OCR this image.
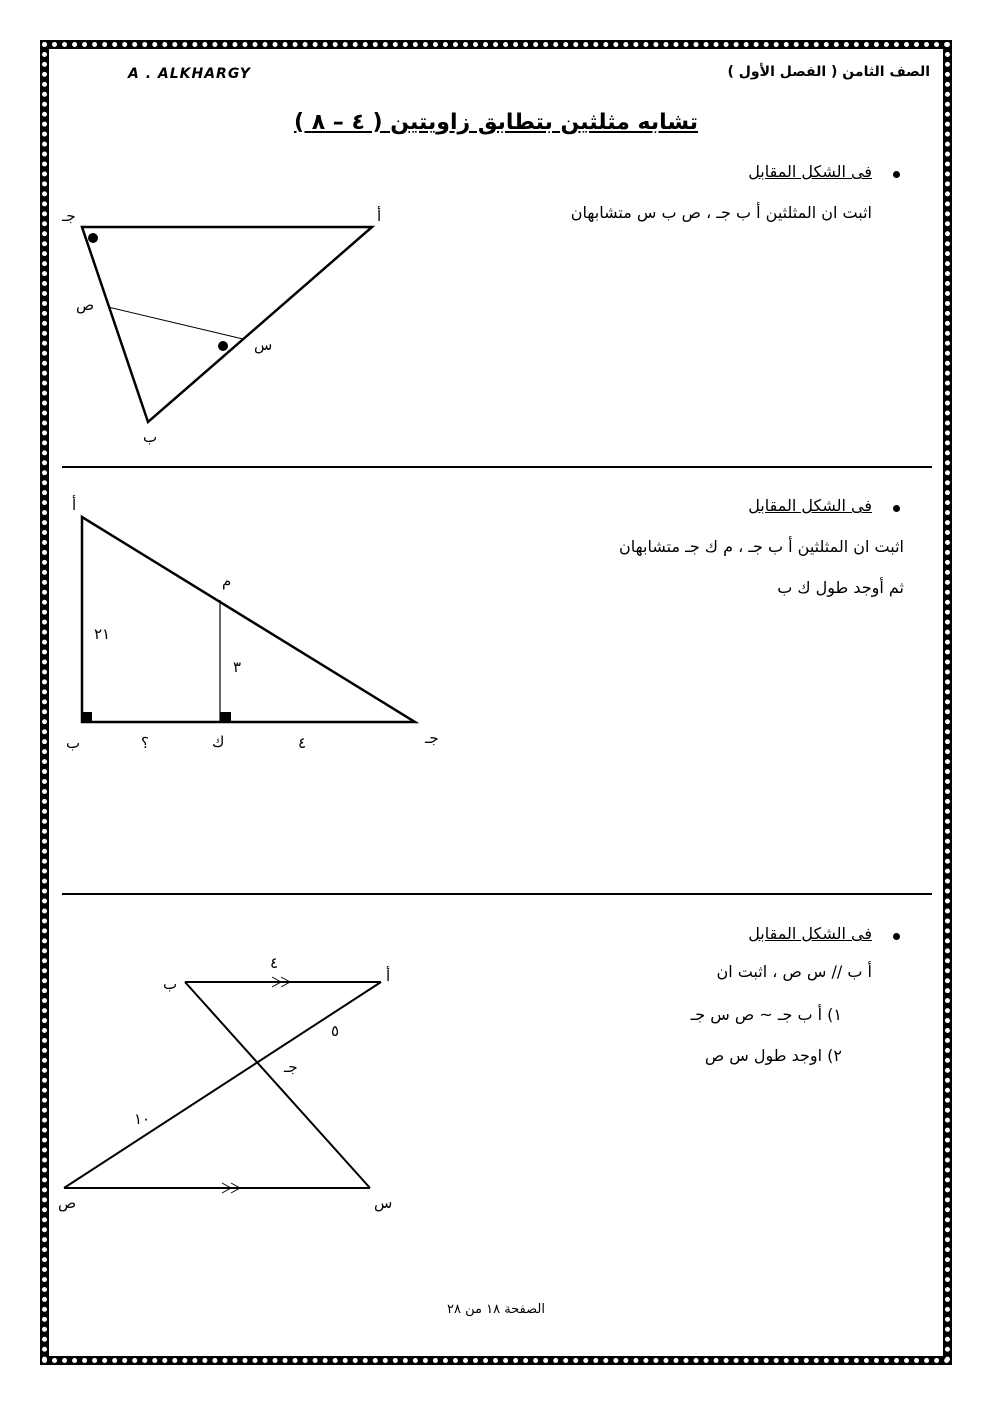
A . ALKHARGY	الصف الثامن ( الفصل الأول )
تشابه مثلثين بتطابق زاويتين ( ٤ – ٨ )
فى الشكل المقابل
اثبت ان المثلثين أ ب جـ ، ص ب س متشابهان
فى الشكل المقابل
اثبت ان المثلثين أ ب جـ ، م ك جـ متشابهان
ثم أوجد طول ك ب
فى الشكل المقابل
أ ب // س ص ، اثبت ان
١) أ ب جـ ~ ص س جـ
٢) اوجد طول س ص
جـ	أ
ص
س
ب
أ
م
٢١
٣
ب	؟	ك	٤	جـ
٤
ب	أ
٥
جـ
١٠
ص	س
الصفحة ١٨ من ٢٨
